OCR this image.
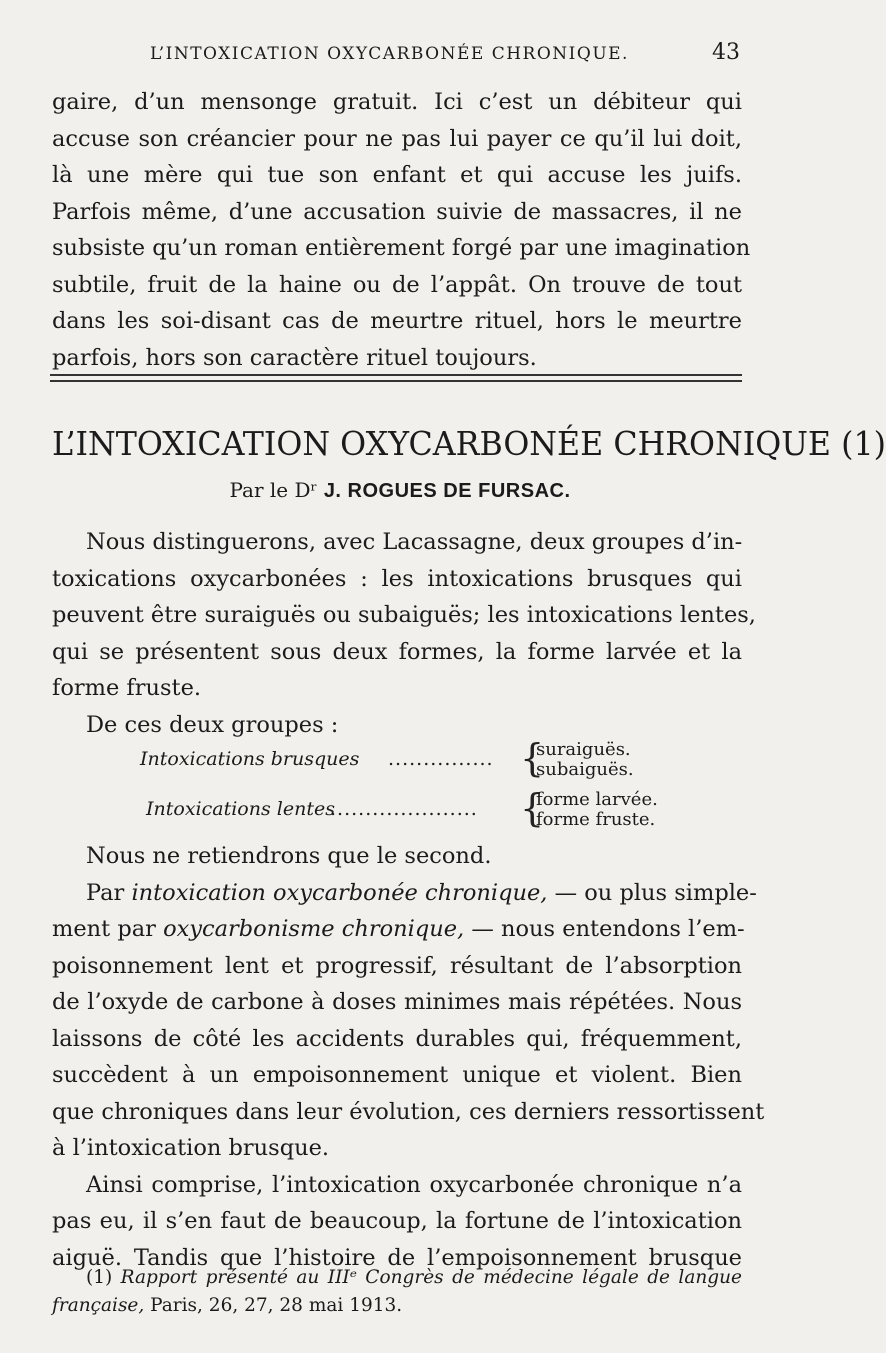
L’INTOXICATION OXYCARBONÉE CHRONIQUE.	43
gaire, d’un mensonge gratuit. Ici c’est un débiteur qui
accuse son créancier pour ne pas lui payer ce qu’il lui doit,
là une mère qui tue son enfant et qui accuse les juifs.
Parfois même, d’une accusation suivie de massacres, il ne
subsiste qu’un roman entièrement forgé par une imagination
subtile, fruit de la haine ou de l’appât. On trouve de tout
dans les soi-disant cas de meurtre rituel, hors le meurtre
parfois, hors son caractère rituel toujours.
L’INTOXICATION OXYCARBONÉE CHRONIQUE (1)
Par le Dʳ J. ROGUES DE FURSAC.
Nous distinguerons, avec Lacassagne, deux groupes d’in-
toxications oxycarbonées : les intoxications brusques qui
peuvent être suraiguës ou subaiguës; les intoxications lentes,
qui se présentent sous deux formes, la forme larvée et la
forme fruste.
De ces deux groupes :
Intoxications brusques ............... {
suraiguës.
subaiguës.
Intoxications lentes
..................... {
forme larvée.
forme fruste.
Nous ne retiendrons que le second.
Par intoxication oxycarbonée chronique, — ou plus simple-
ment par oxycarbonisme chronique, — nous entendons l’em-
poisonnement lent et progressif, résultant de l’absorption
de l’oxyde de carbone à doses minimes mais répétées. Nous
laissons de côté les accidents durables qui, fréquemment,
succèdent à un empoisonnement unique et violent. Bien
que chroniques dans leur évolution, ces derniers ressortissent
à l’intoxication brusque.
Ainsi comprise, l’intoxication oxycarbonée chronique n’a
pas eu, il s’en faut de beaucoup, la fortune de l’intoxication
aiguë. Tandis que l’histoire de l’empoisonnement brusque
(1) Rapport présenté au IIIᵉ Congrès de médecine légale de langue
française, Paris, 26, 27, 28 mai 1913.
